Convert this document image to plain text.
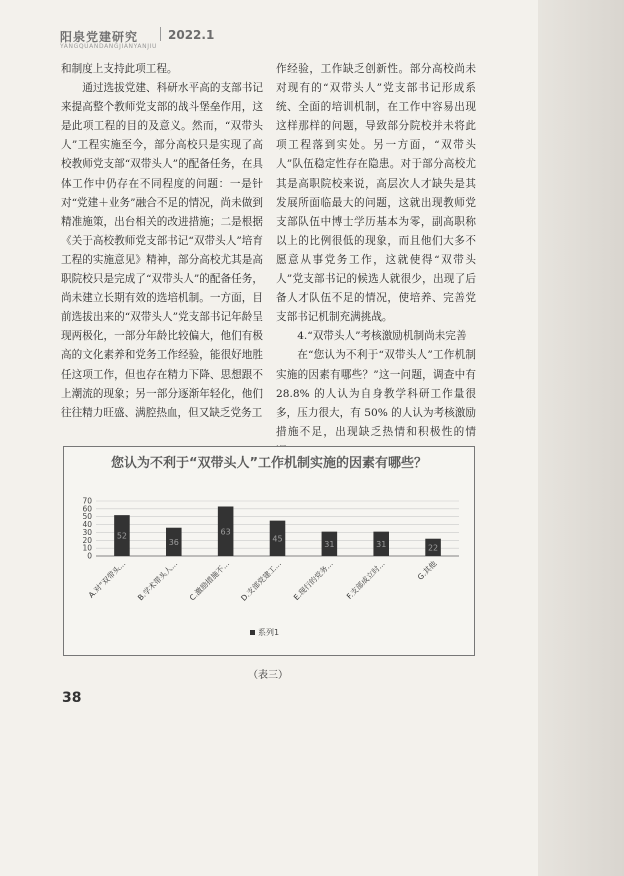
阳泉党建研究 2022.1
YANGQUANDANGJIANYANJIU

和制度上支持此项工程。

通过选拔党建、科研水平高的支部书记来提高整个教师党支部的战斗堡垒作用，这是此项工程的目的及意义。然而，“双带头人”工程实施至今，部分高校只是实现了高校教师党支部“双带头人”的配备任务，在具体工作中仍存在不同程度的问题：一是针对“党建＋业务”融合不足的情况，尚未做到精准施策，出台相关的改进措施；二是根据《关于高校教师党支部书记“双带头人”培育工程的实施意见》精神，部分高校尤其是高职院校只是完成了“双带头人”的配备任务，尚未建立长期有效的选培机制。一方面，目前选拔出来的“双带头人”党支部书记年龄呈现两极化，一部分年龄比较偏大，他们有极高的文化素养和党务工作经验，能很好地胜任这项工作，但也存在精力下降、思想跟不上潮流的现象；另一部分逐渐年轻化，他们往往精力旺盛、满腔热血，但又缺乏党务工

作经验，工作缺乏创新性。部分高校尚未对现有的“双带头人”党支部书记形成系统、全面的培训机制，在工作中容易出现这样那样的问题，导致部分院校并未将此项工程落到实处。另一方面，“双带头人”队伍稳定性存在隐患。对于部分高校尤其是高职院校来说，高层次人才缺失是其发展所面临最大的问题，这就出现教师党支部队伍中博士学历基本为零，副高职称以上的比例很低的现象，而且他们大多不愿意从事党务工作，这就使得“双带头人”党支部书记的候选人就很少，出现了后备人才队伍不足的情况，使培养、完善党支部书记机制充满挑战。

4.“双带头人”考核激励机制尚未完善

在“您认为不利于“双带头人”工作机制实施的因素有哪些？”这一问题，调查中有 28.8% 的人认为自身教学科研工作量很多，压力很大，有 50% 的人认为考核激励措施不足，出现缺乏热情和积极性的情

您认为不利于“双带头人”工作机制实施的因素有哪些？
0
10
20
30
40
50
60
70
52
A.对“双带头...
36
B.学术带头人...
63
C.激励措施不...
45
D.支部党建工...
31
E.现行的党务...
31
F.支部成立时...
22
G.其他
系列1
（表三）
38
